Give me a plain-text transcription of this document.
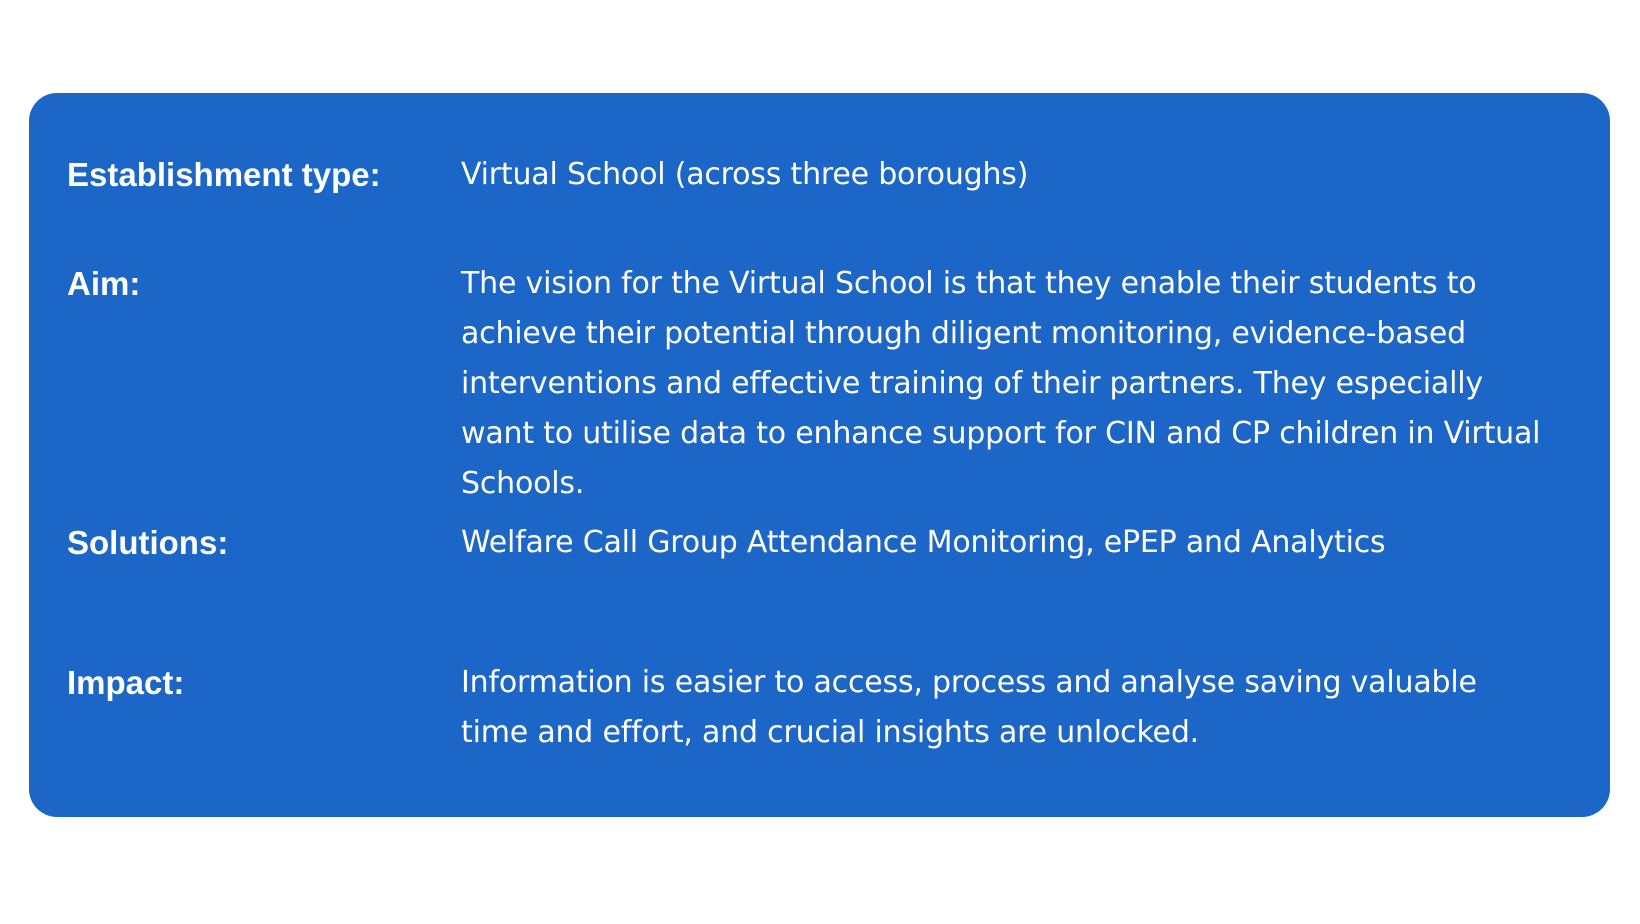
Establishment type:	Virtual School (across three boroughs)
Aim:	The vision for the Virtual School is that they enable their students to achieve their potential through diligent monitoring, evidence-based interventions and effective training of their partners. They especially want to utilise data to enhance support for CIN and CP children in Virtual Schools.
Solutions:	Welfare Call Group Attendance Monitoring, ePEP and Analytics
Impact:	Information is easier to access, process and analyse saving valuable time and effort, and crucial insights are unlocked.
